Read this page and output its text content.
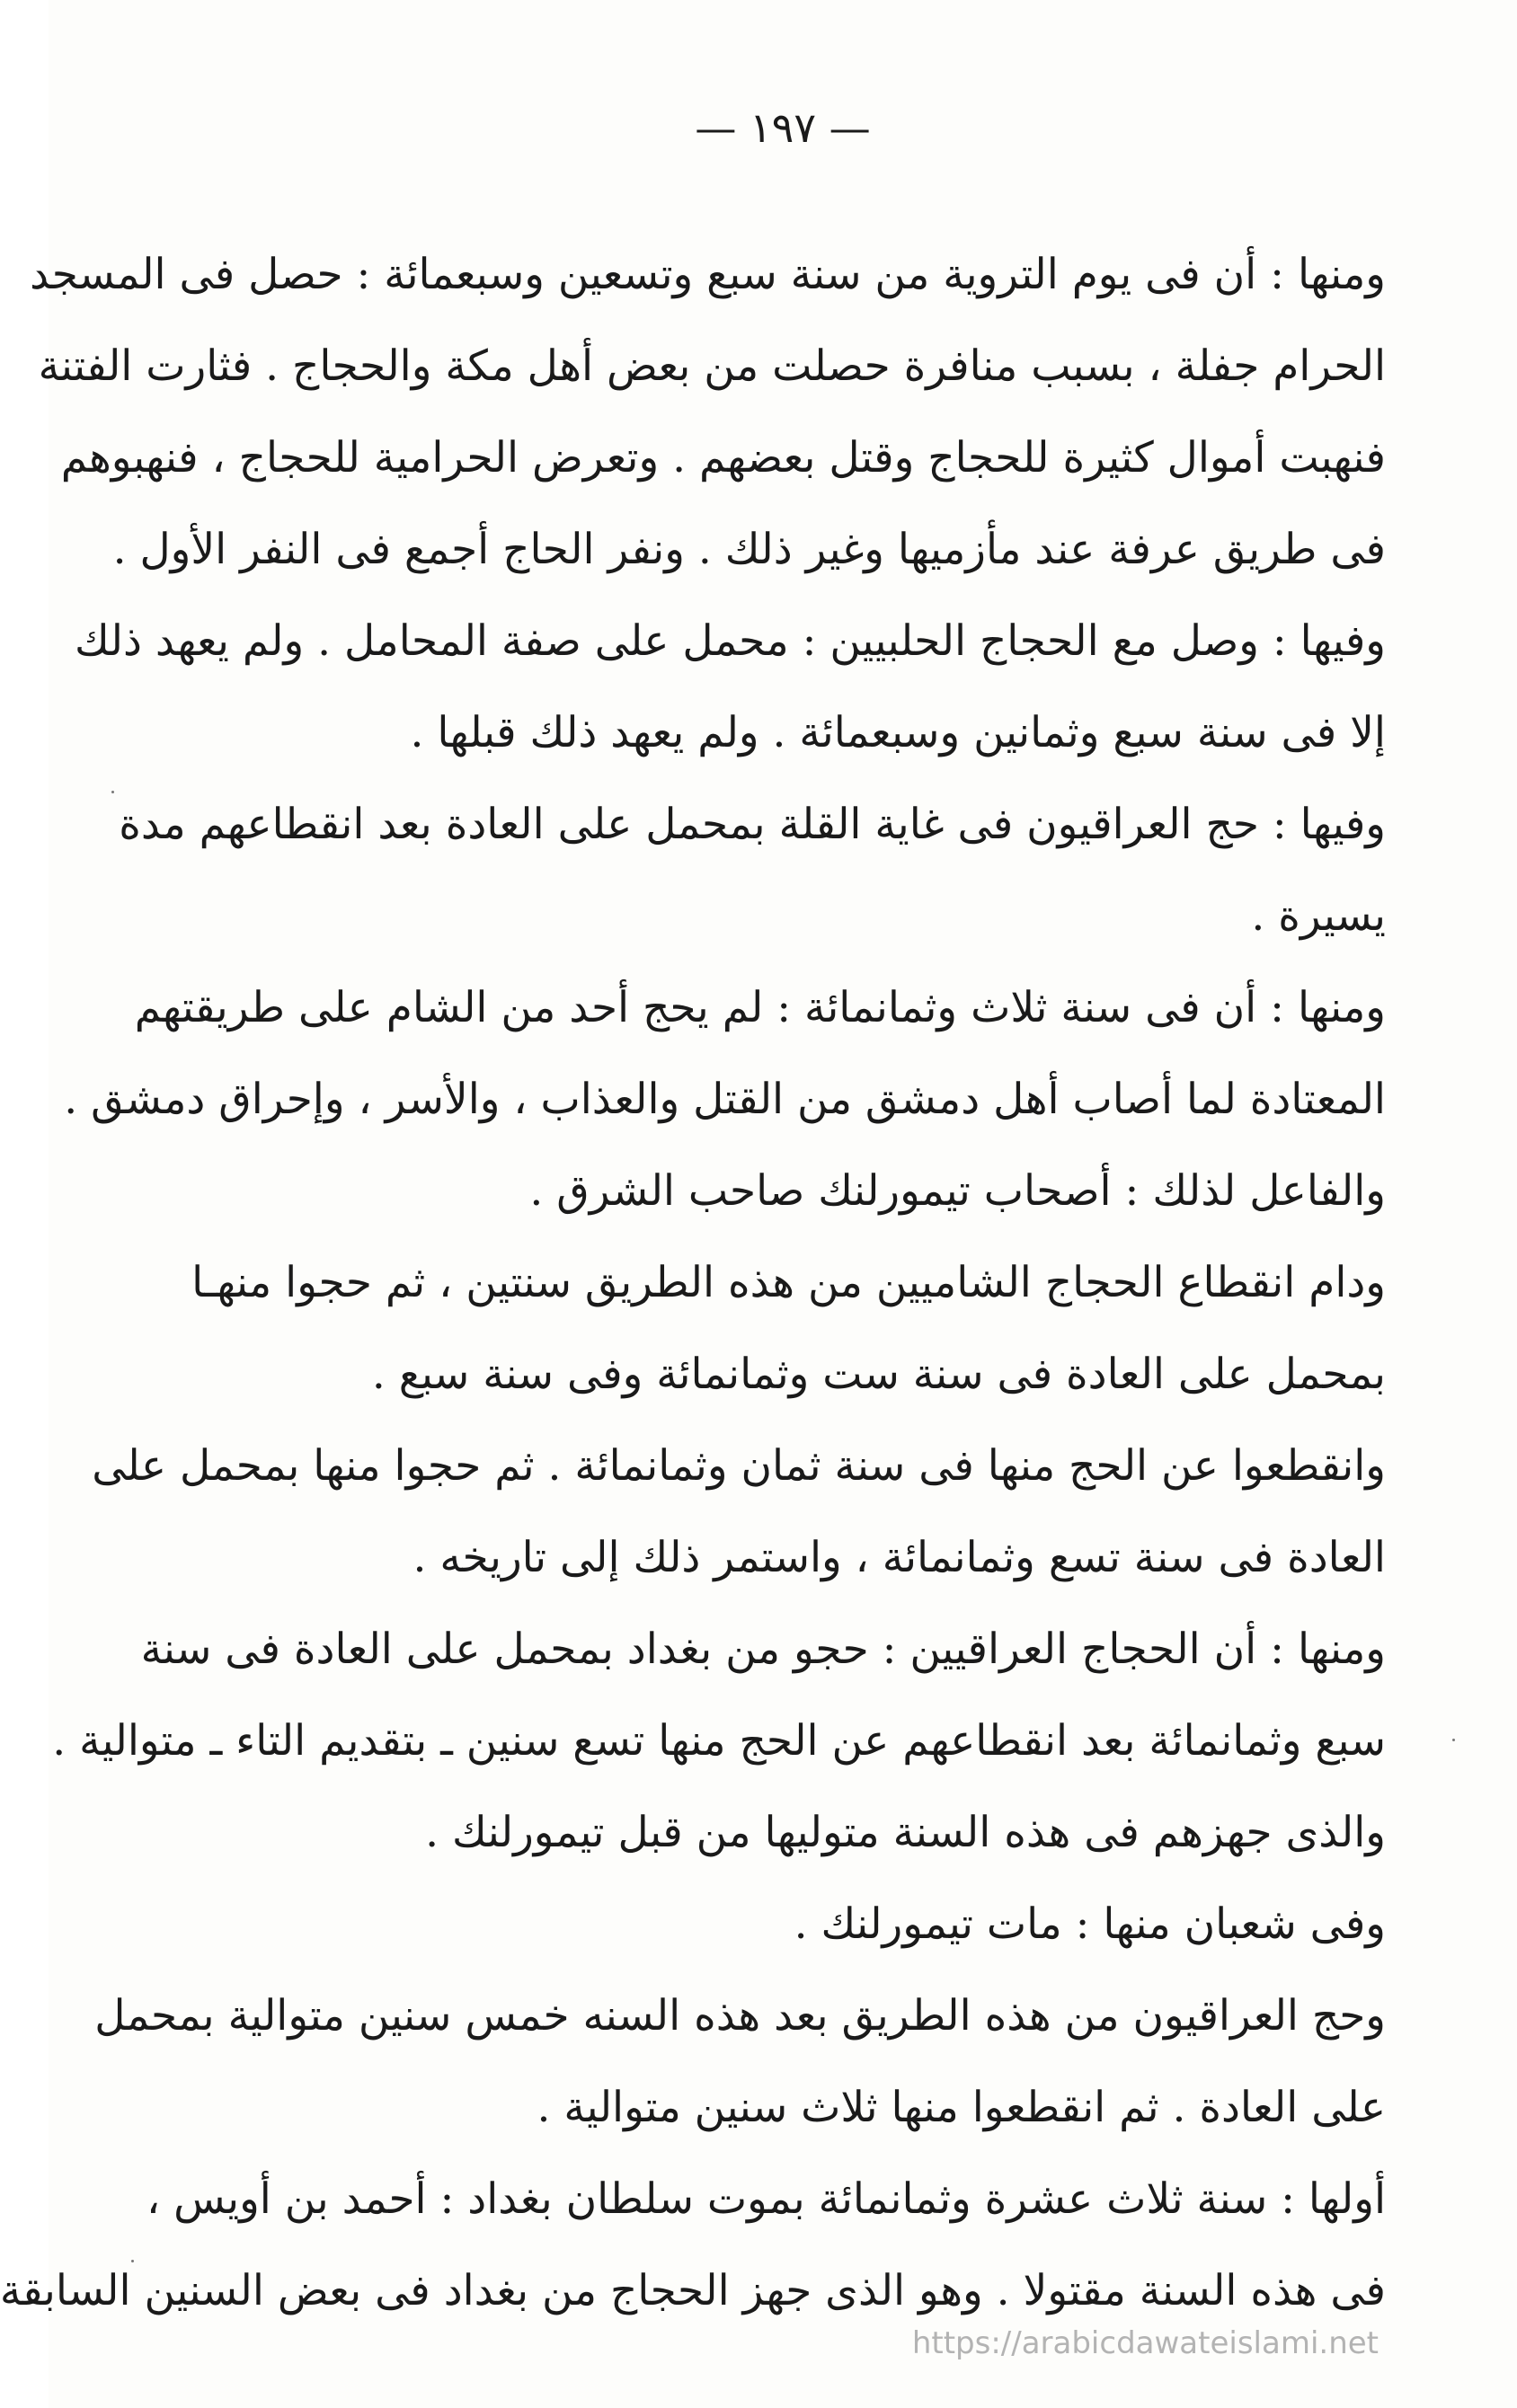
— ١٩٧ —
ومنها : أن فى يوم التروية من سنة سبع وتسعين وسبعمائة : حصل فى المسجد
الحرام جفلة ، بسبب منافرة حصلت من بعض أهل مكة والحجاج . فثارت الفتنة
فنهبت أموال كثيرة للحجاج وقتل بعضهم . وتعرض الحرامية للحجاج ، فنهبوهم
فى طريق عرفة عند مأزميها وغير ذلك . ونفر الحاج أجمع فى النفر الأول .
وفيها : وصل مع الحجاج الحلبيين : محمل على صفة المحامل . ولم يعهد ذلك
إلا فى سنة سبع وثمانين وسبعمائة . ولم يعهد ذلك قبلها .
وفيها : حج العراقيون فى غاية القلة بمحمل على العادة بعد انقطاعهم مدة
يسيرة .
ومنها : أن فى سنة ثلاث وثمانمائة : لم يحج أحد من الشام على طريقتهم
المعتادة لما أصاب أهل دمشق من القتل والعذاب ، والأسر ، وإحراق دمشق .
والفاعل لذلك : أصحاب تيمورلنك صاحب الشرق .
ودام انقطاع الحجاج الشاميين من هذه الطريق سنتين ، ثم حجوا منهـا
بمحمل على العادة فى سنة ست وثمانمائة وفى سنة سبع .
وانقطعوا عن الحج منها فى سنة ثمان وثمانمائة . ثم حجوا منها بمحمل على
العادة فى سنة تسع وثمانمائة ، واستمر ذلك إلى تاريخه .
ومنها : أن الحجاج العراقيين : حجو من بغداد بمحمل على العادة فى سنة
سبع وثمانمائة بعد انقطاعهم عن الحج منها تسع سنين ـ بتقديم التاء ـ متوالية .
والذى جهزهم فى هذه السنة متوليها من قبل تيمورلنك .
وفى شعبان منها : مات تيمورلنك .
وحج العراقيون من هذه الطريق بعد هذه السنه خمس سنين متوالية بمحمل
على العادة . ثم انقطعوا منها ثلاث سنين متوالية .
أولها : سنة ثلاث عشرة وثمانمائة بموت سلطان بغداد : أحمد بن أويس ،
فى هذه السنة مقتولا . وهو الذى جهز الحجاج من بغداد فى بعض السنين السابقة
https://arabicdawateislami.net
